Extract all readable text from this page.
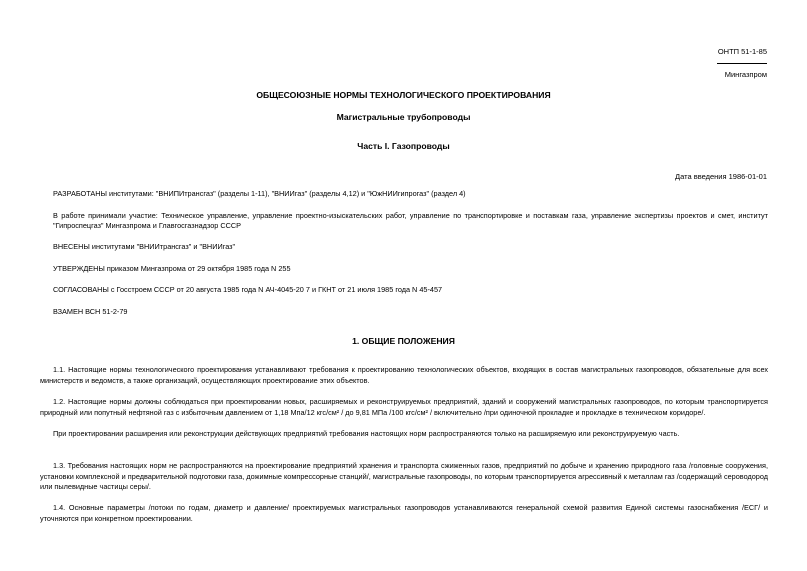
ОНТП 51-1-85
Мингазпром
ОБЩЕСОЮЗНЫЕ НОРМЫ ТЕХНОЛОГИЧЕСКОГО ПРОЕКТИРОВАНИЯ
Магистральные трубопроводы
Часть I. Газопроводы
Дата введения 1986-01-01

РАЗРАБОТАНЫ институтами: "ВНИПИтрансгаз" (разделы 1-11), "ВНИИгаз" (разделы 4,12) и "ЮжНИИгипрогаз" (раздел 4)

В работе принимали участие: Техническое управление, управление проектно-изыскательских работ, управление по транспортировке и поставкам газа, управление экспертизы проектов и смет, институт "Гипроспецгаз" Мингазпрома и Главгосгазнадзор СССР

ВНЕСЕНЫ институтами "ВНИИтрансгаз" и "ВНИИгаз"

УТВЕРЖДЕНЫ приказом Мингазпрома от 29 октября 1985 года N 255

СОГЛАСОВАНЫ с Госстроем СССР от 20 августа 1985 года N АЧ-4045-20 7 и ГКНТ от 21 июля 1985 года N 45-457

ВЗАМЕН ВСН 51-2-79

1. ОБЩИЕ ПОЛОЖЕНИЯ

1.1. Настоящие нормы технологического проектирования устанавливают требования к проектированию технологических объектов, входящих в состав магистральных газопроводов, обязательные для всех министерств и ведомств, а также организаций, осуществляющих проектирование этих объектов.

1.2. Настоящие нормы должны соблюдаться при проектировании новых, расширяемых и реконструируемых предприятий, зданий и сооружений магистральных газопроводов, по которым транспортируется природный или попутный нефтяной газ с избыточным давлением от 1,18 Мпа/12 кгс/см² / до 9,81 МПа /100 кгс/см² / включительно /при одиночной прокладке и прокладке в техническом коридоре/.

При проектировании расширения или реконструкции действующих предприятий требования настоящих норм распространяются только на расширяемую или реконструируемую часть.

1.3. Требования настоящих норм не распространяются на проектирование предприятий хранения и транспорта сжиженных газов, предприятий по добыче и хранению природного газа /головные сооружения, установки комплексной и предварительной подготовки газа, дожимные компрессорные станций/, магистральные газопроводы, по которым транспортируется агрессивный к металлам газ /содержащий сероводород или пылевидные частицы серы/.

1.4. Основные параметры /потоки по годам, диаметр и давление/ проектируемых магистральных газопроводов устанавливаются генеральной схемой развития Единой системы газоснабжения /ЕСГ/ и уточняются при конкретном проектировании.
